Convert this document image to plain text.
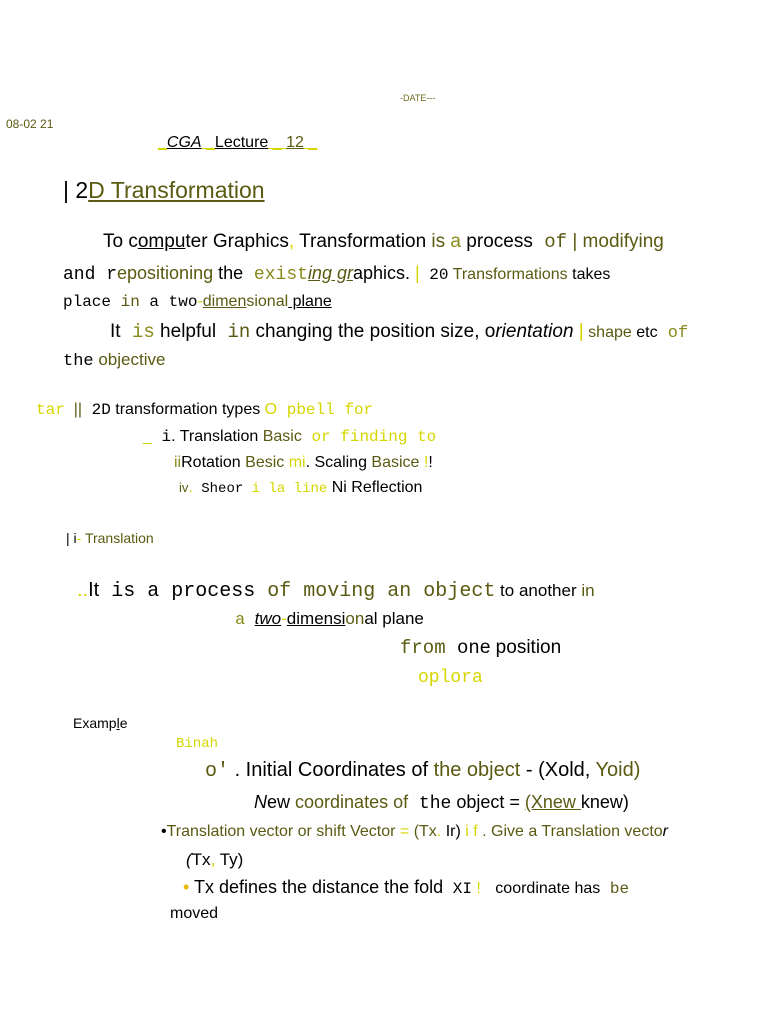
-DATE---
08-02 21
_CGA _Lecture _ 12 _
| 2D Transformation
To computer Graphics, Transformation is a process of | modifying
and repositioning the existing graphics. | 20 Transformations takes
place in a two-dimensional plane
It is helpful in changing the position size, orientation | shape etc of
the objective
tar || 2D transformation types O pbell for
_ i. Translation Basic or finding to
iiRotation Besic mi. Scaling Basice !!
iv. Sheor i la line Ni Reflection
| i- Translation
..It is a process of moving an object to another in
a two-dimensional plane
from one position
oplora
Example
Binah
o' . Initial Coordinates of the object - (Xold, Yoid)
New coordinates of the object = (Xnew knew)
•Translation vector or shift Vector = (Tx. Ir) i f . Give a Translation vector
(Tx, Ty)
• Tx defines the distance the fold XI !   coordinate has be
moved
